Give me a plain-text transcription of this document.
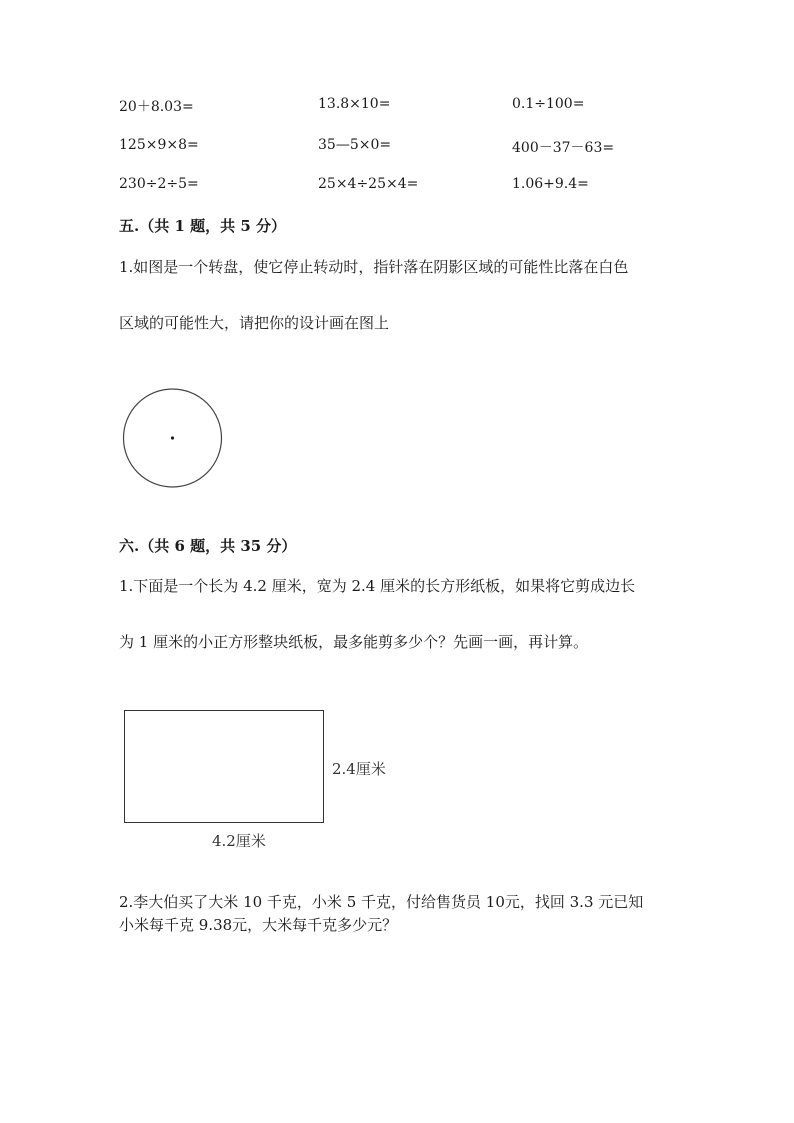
20＋8.03=	13.8×10=	0.1÷100=
125×9×8=	35—5×0=	400－37－63=
230÷2÷5=	25×4÷25×4=	1.06+9.4=
五.（共 1 题，共 5 分）
1.如图是一个转盘，使它停止转动时，指针落在阴影区域的可能性比落在白色
区域的可能性大，请把你的设计画在图上
六.（共 6 题，共 35 分）
1.下面是一个长为 4.2 厘米，宽为 2.4 厘米的长方形纸板，如果将它剪成边长
为 1 厘米的小正方形整块纸板，最多能剪多少个？先画一画，再计算。
2.4厘米
4.2厘米
2.李大伯买了大米 10 千克，小米 5 千克，付给售货员 10元，找回 3.3 元已知
小米每千克 9.38元，大米每千克多少元？
